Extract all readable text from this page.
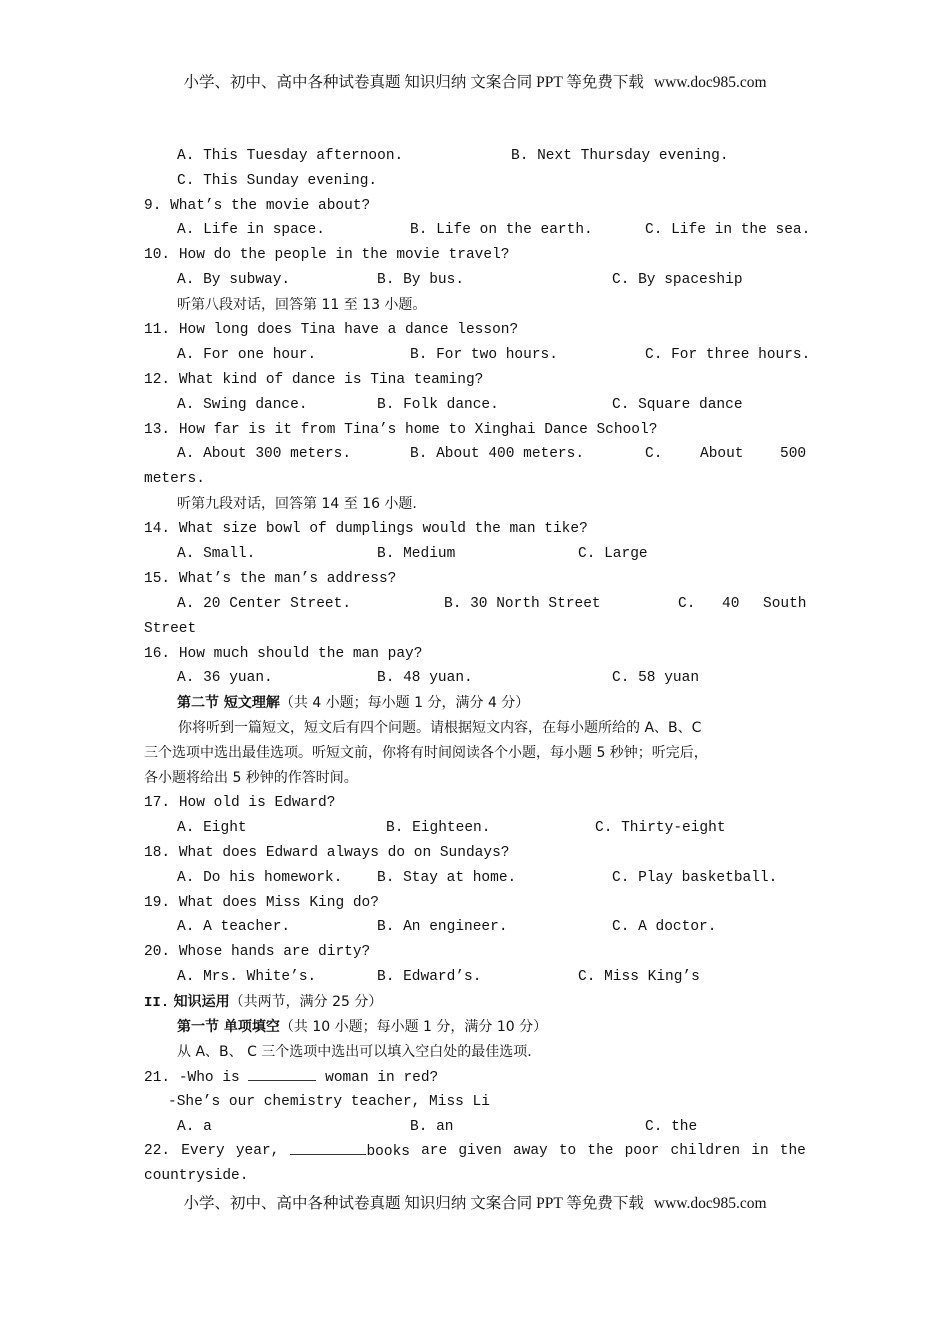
小学、初中、高中各种试卷真题 知识归纳 文案合同 PPT 等免费下载 www.doc985.com
A. This Tuesday afternoon.	B. Next Thursday evening.
C. This Sunday evening.
9. What’s the movie about?
A. Life in space.	B. Life on the earth.	C. Life in the sea.
10. How do the people in the movie travel?
A. By subway.	B. By bus.	C. By spaceship
听第八段对话，回答第 11 至 13 小题。
11. How long does Tina have a dance lesson?
A. For one hour.	B. For two hours.	C. For three hours.
12. What kind of dance is Tina teaming?
A. Swing dance.	B. Folk dance.	C. Square dance
13. How far is it from Tina’s home to Xinghai Dance School?
A. About 300 meters.	B. About 400 meters.	C.	About	500
meters.
听第九段对话，回答第 14 至 16 小题.
14. What size bowl of dumplings would the man tike?
A. Small.	B. Medium	C. Large
15. What’s the man’s address?
A. 20 Center Street.	B. 30 North Street	C. 40 South
Street
16. How much should the man pay?
A. 36 yuan.	B. 48 yuan.	C. 58 yuan
第二节 短文理解（共 4 小题；每小题 1 分，满分 4 分）
你将听到一篇短文，短文后有四个问题。请根据短文内容，在每小题所给的 A、B、C
三个选项中选出最佳选项。听短文前，你将有时间阅读各个小题，每小题 5 秒钟；听完后，
各小题将给出 5 秒钟的作答时间。
17. How old is Edward?
A. Eight	B. Eighteen.	C. Thirty-eight
18. What does Edward always do on Sundays?
A. Do his homework. B. Stay at home.	C. Play basketball.
19. What does Miss King do?
A. A teacher.	B. An engineer.	C. A doctor.
20. Whose hands are dirty?
A. Mrs. White’s.	B. Edward’s.	C. Miss King’s
II. 知识运用（共两节，满分 25 分）
第一节 单项填空（共 10 小题；每小题 1 分，满分 10 分）
从 A、B、 C 三个选项中选出可以填入空白处的最佳选项.
21. -Who is	woman in red?
-She’s our chemistry teacher, Miss Li
A. a	B. an	C. the
22. Every year,	books are given away to the poor children in the
countryside.
小学、初中、高中各种试卷真题 知识归纳 文案合同 PPT 等免费下载 www.doc985.com
